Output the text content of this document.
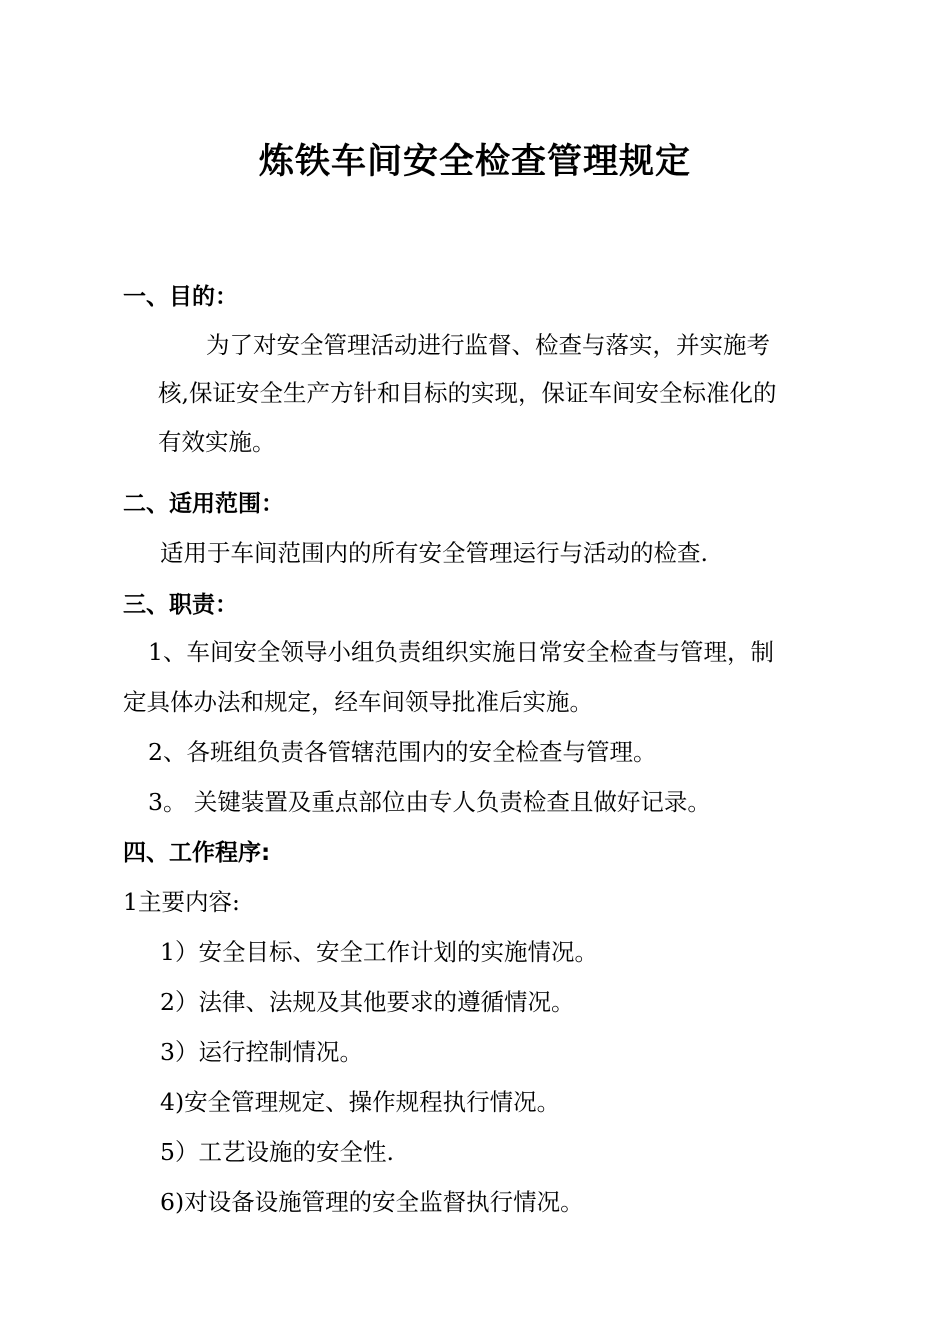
炼铁车间安全检查管理规定
一、目的：
为了对安全管理活动进行监督、检查与落实，并实施考
核,保证安全生产方针和目标的实现，保证车间安全标准化的
有效实施。
二、适用范围：
适用于车间范围内的所有安全管理运行与活动的检查.
三、职责：
1、车间安全领导小组负责组织实施日常安全检查与管理，制
定具体办法和规定，经车间领导批准后实施。
2、各班组负责各管辖范围内的安全检查与管理。
3。 关键装置及重点部位由专人负责检查且做好记录。
四、工作程序:
1主要内容:
1）安全目标、安全工作计划的实施情况。
2）法律、法规及其他要求的遵循情况。
3）运行控制情况。
4)安全管理规定、操作规程执行情况。
5）工艺设施的安全性.
6)对设备设施管理的安全监督执行情况。
